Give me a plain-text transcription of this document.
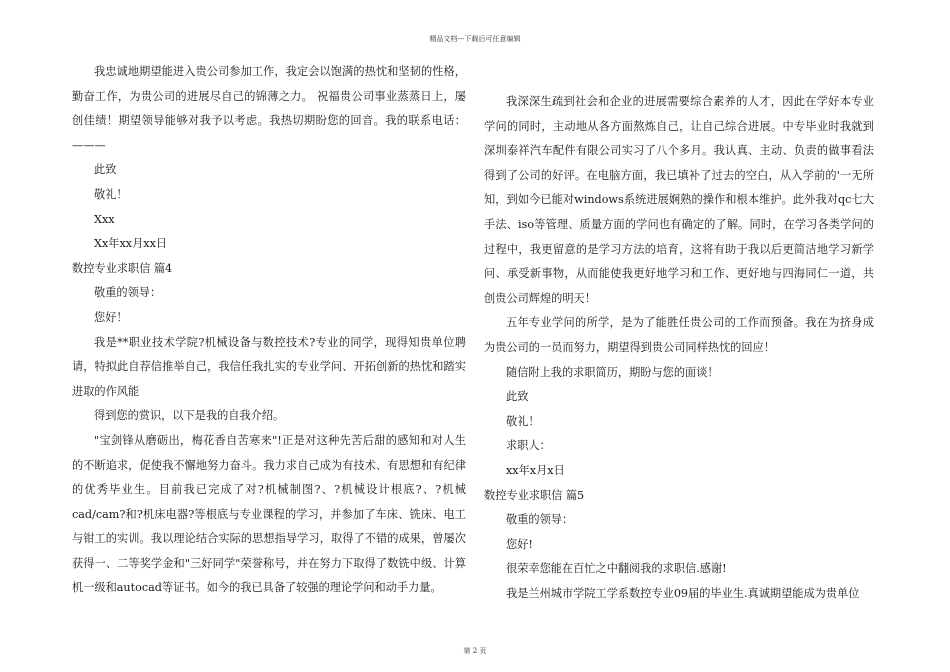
精品文档---下载后可任意编辑

我忠诚地期望能进入贵公司参加工作，我定会以饱满的热忱和坚韧的性格，勤奋工作，为贵公司的进展尽自己的锦薄之力。 祝福贵公司事业蒸蒸日上，屡创佳绩！期望领导能够对我予以考虑。我热切期盼您的回音。我的联系电话：———

此致

敬礼！

Xxx

Xx年xx月xx日

数控专业求职信 篇4

敬重的领导：

您好！

我是**职业技术学院?机械设备与数控技术?专业的同学，现得知贵单位聘请，特拟此自荐信推举自己，我信任我扎实的专业学问、开拓创新的热忱和踏实进取的作风能

得到您的赏识，以下是我的自我介绍。

"宝剑锋从磨砺出，梅花香自苦寒来"!正是对这种先苦后甜的感知和对人生的不断追求，促使我不懈地努力奋斗。我力求自己成为有技术、有思想和有纪律的优秀毕业生。目前我已完成了对?机械制图?、?机械设计根底?、?机械cad/cam?和?机床电器?等根底与专业课程的学习，并参加了车床、铣床、电工与钳工的实训。我以理论结合实际的思想指导学习，取得了不错的成果，曾屡次获得一、二等奖学金和"三好同学"荣誉称号，并在努力下取得了数铣中级、计算机一级和autocad等证书。如今的我已具备了较强的理论学问和动手力量。

我深深生疏到社会和企业的进展需要综合素养的人才，因此在学好本专业学问的同时，主动地从各方面熬炼自己，让自己综合进展。中专毕业时我就到深圳泰祥汽车配件有限公司实习了八个多月。我认真、主动、负责的做事看法得到了公司的好评。在电脑方面，我已填补了过去的空白，从入学前的'一无所知，到如今已能对windows系统进展娴熟的操作和根本维护。此外我对qc七大手法、iso等管理、质量方面的学问也有确定的了解。同时，在学习各类学问的过程中，我更留意的是学习方法的培育，这将有助于我以后更简洁地学习新学问、承受新事物，从而能使我更好地学习和工作、更好地与四海同仁一道，共创贵公司辉煌的明天！

五年专业学问的所学，是为了能胜任贵公司的工作而预备。我在为挤身成为贵公司的一员而努力，期望得到贵公司同样热忱的回应！

随信附上我的求职简历，期盼与您的面谈！

此致

敬礼！

求职人：

xx年x月x日

数控专业求职信 篇5

敬重的领导：

您好!

很荣幸您能在百忙之中翻阅我的求职信.感谢!

我是兰州城市学院工学系数控专业09届的毕业生.真诚期望能成为贵单位

第 2 页
